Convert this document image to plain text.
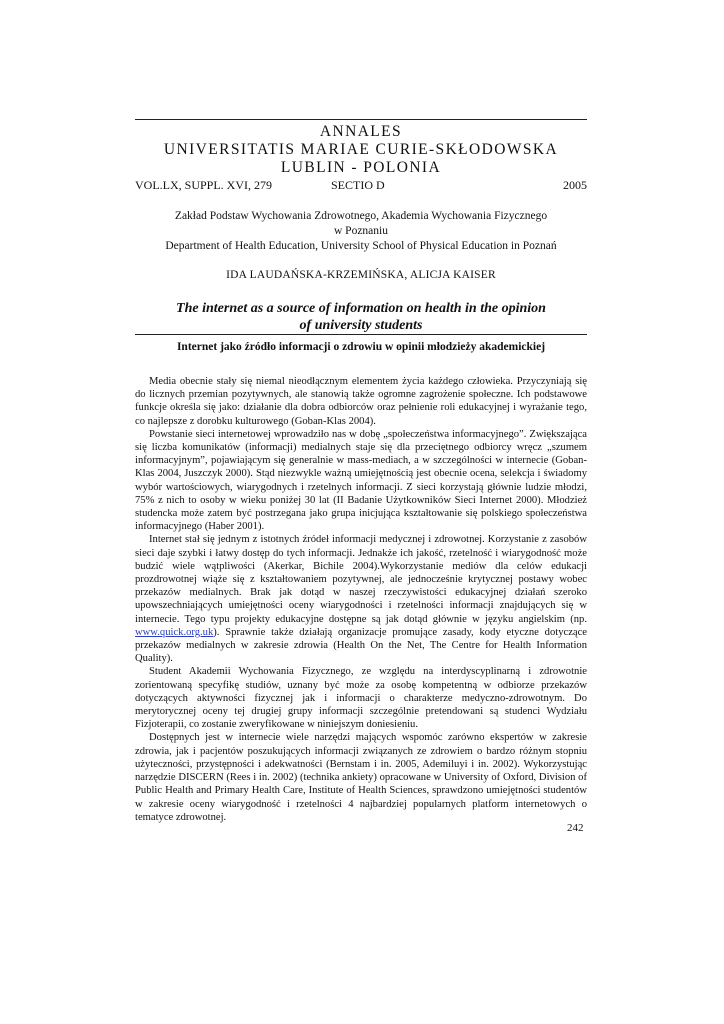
ANNALES
UNIVERSITATIS MARIAE CURIE-SKŁODOWSKA
LUBLIN - POLONIA
VOL.LX, SUPPL. XVI, 279	SECTIO D	2005
Zakład Podstaw Wychowania Zdrowotnego, Akademia Wychowania Fizycznego
w Poznaniu
Department of Health Education, University School of Physical Education in Poznań
IDA LAUDAŃSKA-KRZEMIŃSKA, ALICJA KAISER
The internet as a source of information on health in the opinion
of university students
Internet jako źródło informacji o zdrowiu w opinii młodzieży akademickiej

Media obecnie stały się niemal nieodłącznym elementem życia każdego człowieka. Przyczyniają się do licznych przemian pozytywnych, ale stanowią także ogromne zagrożenie społeczne. Ich podstawowe funkcje określa się jako: działanie dla dobra odbiorców oraz pełnienie roli edukacyjnej i wyrażanie tego, co najlepsze z dorobku kulturowego (Goban-Klas 2004).

Powstanie sieci internetowej wprowadziło nas w dobę „społeczeństwa informacyjnego”. Zwiększająca się liczba komunikatów (informacji) medialnych staje się dla przeciętnego odbiorcy wręcz „szumem informacyjnym”, pojawiającym się generalnie w mass-mediach, a w szczególności w internecie (Goban-Klas 2004, Juszczyk 2000). Stąd niezwykle ważną umiejętnością jest obecnie ocena, selekcja i świadomy wybór wartościowych, wiarygodnych i rzetelnych informacji. Z sieci korzystają głównie ludzie młodzi, 75% z nich to osoby w wieku poniżej 30 lat (II Badanie Użytkowników Sieci Internet 2000). Młodzież studencka może zatem być postrzegana jako grupa inicjująca kształtowanie się polskiego społeczeństwa informacyjnego (Haber 2001).

Internet stał się jednym z istotnych źródeł informacji medycznej i zdrowotnej. Korzystanie z zasobów sieci daje szybki i łatwy dostęp do tych informacji. Jednakże ich jakość, rzetelność i wiarygodność może budzić wiele wątpliwości (Akerkar, Bichile 2004).Wykorzystanie mediów dla celów edukacji prozdrowotnej wiąże się z kształtowaniem pozytywnej, ale jednocześnie krytycznej postawy wobec przekazów medialnych. Brak jak dotąd w naszej rzeczywistości edukacyjnej działań szeroko upowszechniających umiejętności oceny wiarygodności i rzetelności informacji znajdujących się w internecie. Tego typu projekty edukacyjne dostępne są jak dotąd głównie w języku angielskim (np. www.quick.org.uk). Sprawnie także działają organizacje promujące zasady, kody etyczne dotyczące przekazów medialnych w zakresie zdrowia (Health On the Net, The Centre for Health Information Quality).

Student Akademii Wychowania Fizycznego, ze względu na interdyscyplinarną i zdrowotnie zorientowaną specyfikę studiów, uznany być może za osobę kompetentną w odbiorze przekazów dotyczących aktywności fizycznej jak i informacji o charakterze medyczno-zdrowotnym. Do merytorycznej oceny tej drugiej grupy informacji szczególnie pretendowani są studenci Wydziału Fizjoterapii, co zostanie zweryfikowane w niniejszym doniesieniu.

Dostępnych jest w internecie wiele narzędzi mających wspomóc zarówno ekspertów w zakresie zdrowia, jak i pacjentów poszukujących informacji związanych ze zdrowiem o bardzo różnym stopniu użyteczności, przystępności i adekwatności (Bernstam i in. 2005, Ademiluyi i in. 2002). Wykorzystując narzędzie DISCERN (Rees i in. 2002) (technika ankiety) opracowane w University of Oxford, Division of Public Health and Primary Health Care, Institute of Health Sciences, sprawdzono umiejętności studentów w zakresie oceny wiarygodność i rzetelności 4 najbardziej popularnych platform internetowych o tematyce zdrowotnej.

242
